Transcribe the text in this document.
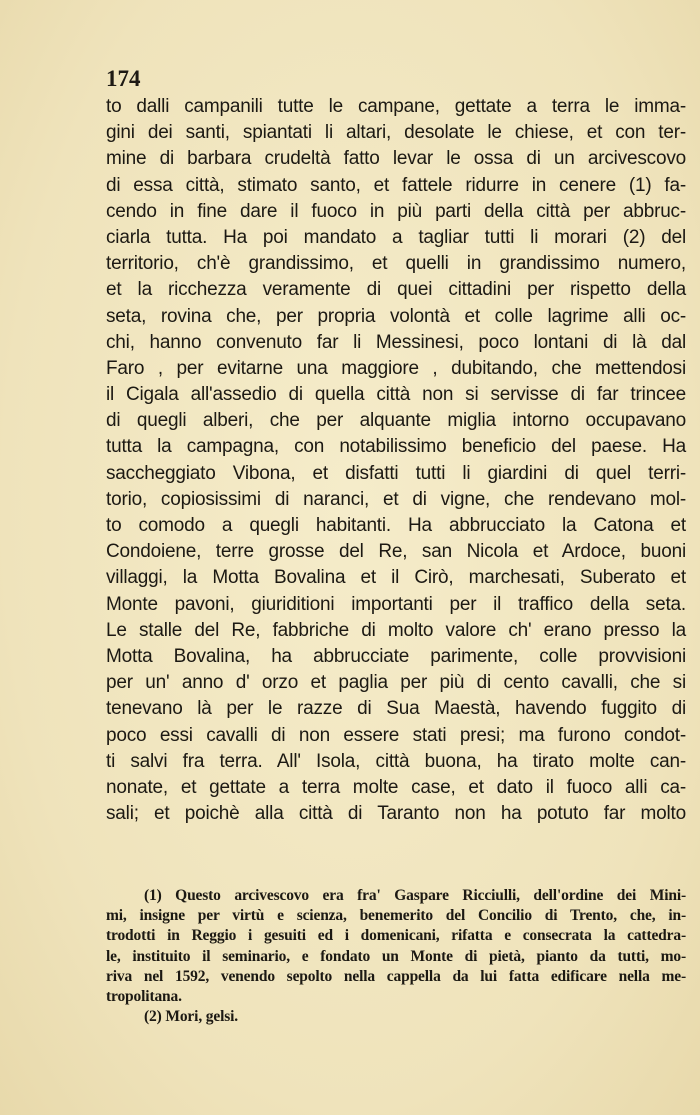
174
to dalli campanili tutte le campane, gettate a terra le imma-
gini dei santi, spiantati li altari, desolate le chiese, et con ter-
mine di barbara crudeltà fatto levar le ossa di un arcivescovo
di essa città, stimato santo, et fattele ridurre in cenere (1) fa-
cendo in fine dare il fuoco in più parti della città per abbruc-
ciarla tutta. Ha poi mandato a tagliar tutti li morari (2) del
territorio, ch'è grandissimo, et quelli in grandissimo numero,
et la ricchezza veramente di quei cittadini per rispetto della
seta, rovina che, per propria volontà et colle lagrime alli oc-
chi, hanno convenuto far li Messinesi, poco lontani di là dal
Faro , per evitarne una maggiore , dubitando, che mettendosi
il Cigala all'assedio di quella città non si servisse di far trincee
di quegli alberi, che per alquante miglia intorno occupavano
tutta la campagna, con notabilissimo beneficio del paese. Ha
saccheggiato Vibona, et disfatti tutti li giardini di quel terri-
torio, copiosissimi di naranci, et di vigne, che rendevano mol-
to comodo a quegli habitanti. Ha abbrucciato la Catona et
Condoiene, terre grosse del Re, san Nicola et Ardoce, buoni
villaggi, la Motta Bovalina et il Cirò, marchesati, Suberato et
Monte pavoni, giuriditioni importanti per il traffico della seta.
Le stalle del Re, fabbriche di molto valore ch' erano presso la
Motta Bovalina, ha abbrucciate parimente, colle provvisioni
per un' anno d' orzo et paglia per più di cento cavalli, che si
tenevano là per le razze di Sua Maestà, havendo fuggito di
poco essi cavalli di non essere stati presi; ma furono condot-
ti salvi fra terra. All' Isola, città buona, ha tirato molte can-
nonate, et gettate a terra molte case, et dato il fuoco alli ca-
sali; et poichè alla città di Taranto non ha potuto far molto
(1) Questo arcivescovo era fra' Gaspare Ricciulli, dell'ordine dei Mini-
mi, insigne per virtù e scienza, benemerito del Concilio di Trento, che, in-
trodotti in Reggio i gesuiti ed i domenicani, rifatta e consecrata la cattedra-
le, instituito il seminario, e fondato un Monte di pietà, pianto da tutti, mo-
riva nel 1592, venendo sepolto nella cappella da lui fatta edificare nella me-
tropolitana.
(2) Mori, gelsi.
